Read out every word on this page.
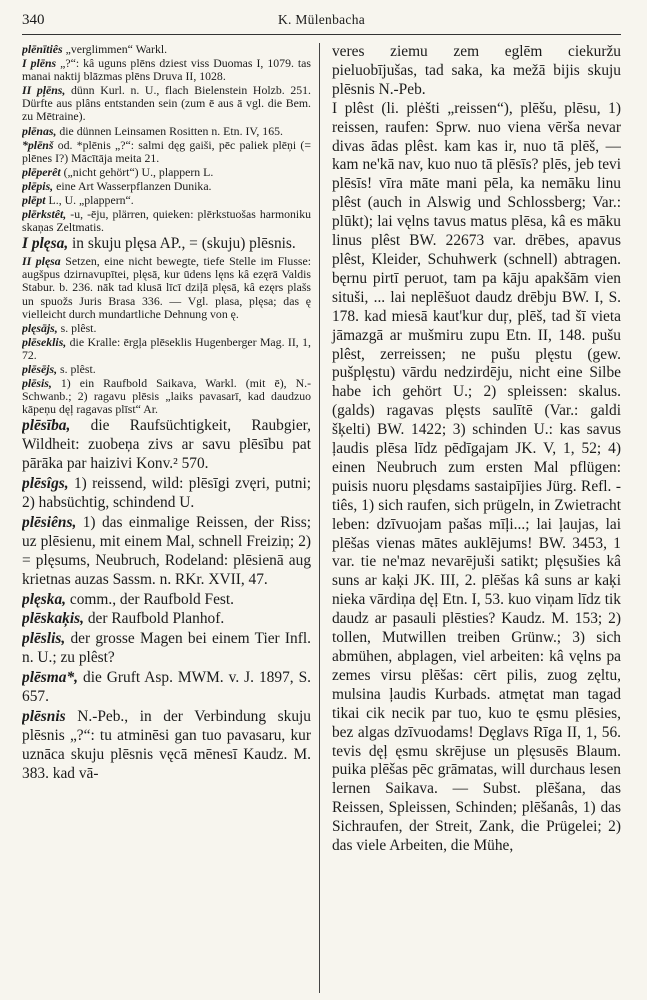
340	K. Mülenbacha

plēnītiês „verglimmen“ Warkl.

I plēns „?“: kâ uguns plēns dziest viss Duomas I, 1079. tas manai naktij blāzmas plēns Druva II, 1028.

II pl̦ēns, dünn Kurl. n. U., flach Bielenstein Holzb. 251. Dürfte aus plâns entstanden sein (zum ē aus ā vgl. die Bem. zu Mētraine).

plēnas, die dünnen Leinsamen Rositten n. Etn. IV, 165.

*plēnš od. *plēnis „?“: salmi dęg gaiši, pēc paliek plēņi (= plēnes I?) Mācītāja meita 21.

plēperêt („nicht gehört“) U., plappern L.

plēpis, eine Art Wasserpflanzen Dunika.

plēpt L., U. „plappern“.

plērkstêt, -u, -ēju, plärren, quieken: plērkstuošas harmoniku skaņas Zeltmatis.

I plęsa, in skuju plęsa AP., = (skuju) plēsnis.

II plęsa Setzen, eine nicht bewegte, tiefe Stelle im Flusse: augšpus dzirnavupītei, plęsā, kur ūdens lęns kâ ezęrā Valdis Stabur. b. 236. nāk tad klusā līcī dziļā plęsā, kâ ezęrs plašs un spuožs Juris Brasa 336. — Vgl. plasa, plęsa; das ę vielleicht durch mundartliche Dehnung von ę.

plęsājs, s. plêst.

plēseklis, die Kralle: ērgļa plēseklis Hugenberger Mag. II, 1, 72.

plēsējs, s. plêst.

plēsis, 1) ein Raufbold Saikava, Warkl. (mit ē), N.-Schwanb.; 2) ragavu plēsis „laiks pavasarī, kad daudzuo kāpeņu dęļ ragavas plīst“ Ar.

plēsība, die Raufsüchtigkeit, Raubgier, Wildheit: zuobeņa zivs ar savu plēsību pat pārāka par haizivi Konv.² 570.

plēsîgs, 1) reissend, wild: plēsīgi zvęri, putni; 2) habsüchtig, schindend U.

plēsiêns, 1) das einmalige Reissen, der Riss; uz plēsienu, mit einem Mal, schnell Freiziņ; 2) = plęsums, Neubruch, Rodeland: plēsienā aug krietnas auzas Sassm. n. RKr. XVII, 47.

plęska, comm., der Raufbold Fest.

plēskaķis, der Raufbold Planhof.

plēslis, der grosse Magen bei einem Tier Infl. n. U.; zu plêst?

plēsma*, die Gruft Asp. MWM. v. J. 1897, S. 657.

plēsnis N.-Peb., in der Verbindung skuju plēsnis „?“: tu atminēsi gan tuo pavasaru, kur uznāca skuju plēsnis vęcā mēnesī Kaudz. M. 383. kad vā-

veres ziemu zem eglēm ciekuržu pieluobījušas, tad saka, ka mežā bijis skuju plēsnis N.-Peb.

I plêst (li. plėšti „reissen“), plēšu, plēsu, 1) reissen, raufen: Sprw. nuo viena vērša nevar divas ādas plêst. kam kas ir, nuo tā plēš, — kam ne'kā nav, kuo nuo tā plēsīs? plēs, jeb tevi plēsīs! vīra māte mani pēla, ka nemāku linu plêst (auch in Alswig und Schlossberg; Var.: plūkt); lai vęlns tavus matus plēsa, kâ es māku linus plêst BW. 22673 var. drēbes, apavus plêst, Kleider, Schuhwerk (schnell) abtragen. bęrnu pirtī peruot, tam pa kāju apakšām vien situši, ... lai neplēšuot daudz drēbju BW. I, S. 178. kad miesā kaut'kur duŗ, plēš, tad šī vieta jāmazgā ar mušmiru zupu Etn. II, 148. pušu plêst, zerreissen; ne pušu plęstu (gew. pušplęstu) vārdu nedzirdēju, nicht eine Silbe habe ich gehört U.; 2) spleissen: skalus. (galds) ragavas plęsts saulītē (Var.: galdi šķelti) BW. 1422; 3) schinden U.: kas savus ļaudis plēsa līdz pēdīgajam JK. V, 1, 52; 4) einen Neubruch zum ersten Mal pflügen: puisis nuoru plęsdams sastaipījies Jürg. Refl. -tiês, 1) sich raufen, sich prügeln, in Zwietracht leben: dzīvuojam pašas mīļi...; lai ļaujas, lai plēšas vienas mātes auklējums! BW. 3453, 1 var. tie ne'maz nevarējuši satikt; plęsušies kâ suns ar kaķi JK. III, 2. plēšas kâ suns ar kaķi nieka vārdiņa dęļ Etn. I, 53. kuo viņam līdz tik daudz ar pasauli plēsties? Kaudz. M. 153; 2) tollen, Mutwillen treiben Grünw.; 3) sich abmühen, abplagen, viel arbeiten: kâ vęlns pa zemes virsu plēšas: cērt pilis, zuog zęltu, mulsina ļaudis Kurbads. atmętat man tagad tikai cik necik par tuo, kuo te ęsmu plēsies, bez algas dzīvuodams! Dęglavs Rīga II, 1, 56. tevis dęļ ęsmu skrējuse un plęsusēs Blaum. puika plēšas pēc grāmatas, will durchaus lesen lernen Saikava. — Subst. plēšana, das Reissen, Spleissen, Schinden; plēšanâs, 1) das Sichraufen, der Streit, Zank, die Prügelei; 2) das viele Arbeiten, die Mühe,
